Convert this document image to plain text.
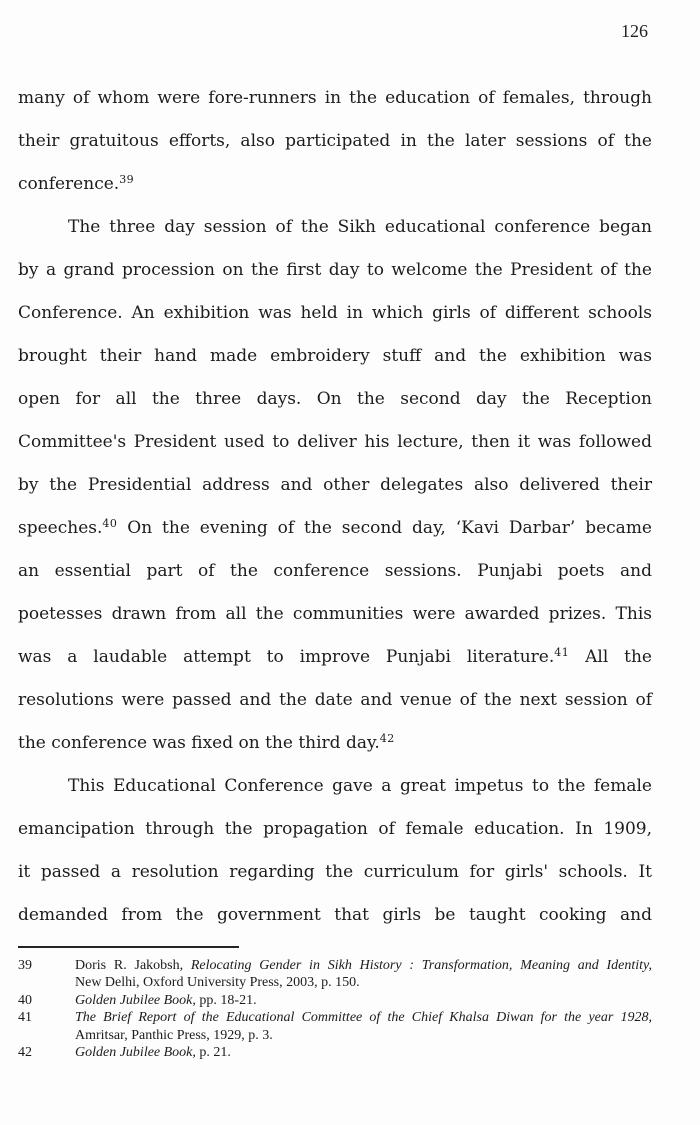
126
many of whom were fore-runners in the education of females, through
their gratuitous efforts, also participated in the later sessions of the
conference.$^{39}$
The three day session of the Sikh educational conference began
by a grand procession on the first day to welcome the President of the
Conference. An exhibition was held in which girls of different schools
brought their hand made embroidery stuff and the exhibition was
open for all the three days. On the second day the Reception
Committee's President used to deliver his lecture, then it was followed
by the Presidential address and other delegates also delivered their
speeches.$^{40}$ On the evening of the second day, ‘Kavi Darbar’ became
an essential part of the conference sessions. Punjabi poets and
poetesses drawn from all the communities were awarded prizes. This
was a laudable attempt to improve Punjabi literature.$^{41}$ All the
resolutions were passed and the date and venue of the next session of
the conference was fixed on the third day.$^{42}$
This Educational Conference gave a great impetus to the female
emancipation through the propagation of female education. In 1909,
it passed a resolution regarding the curriculum for girls' schools. It
demanded from the government that girls be taught cooking and
39	Doris R. Jakobsh, Relocating Gender in Sikh History : Transformation, Meaning and Identity,
New Delhi, Oxford University Press, 2003, p. 150.
40	Golden Jubilee Book, pp. 18-21.
41	The Brief Report of the Educational Committee of the Chief Khalsa Diwan for the year 1928,
Amritsar, Panthic Press, 1929, p. 3.
42	Golden Jubilee Book, p. 21.
